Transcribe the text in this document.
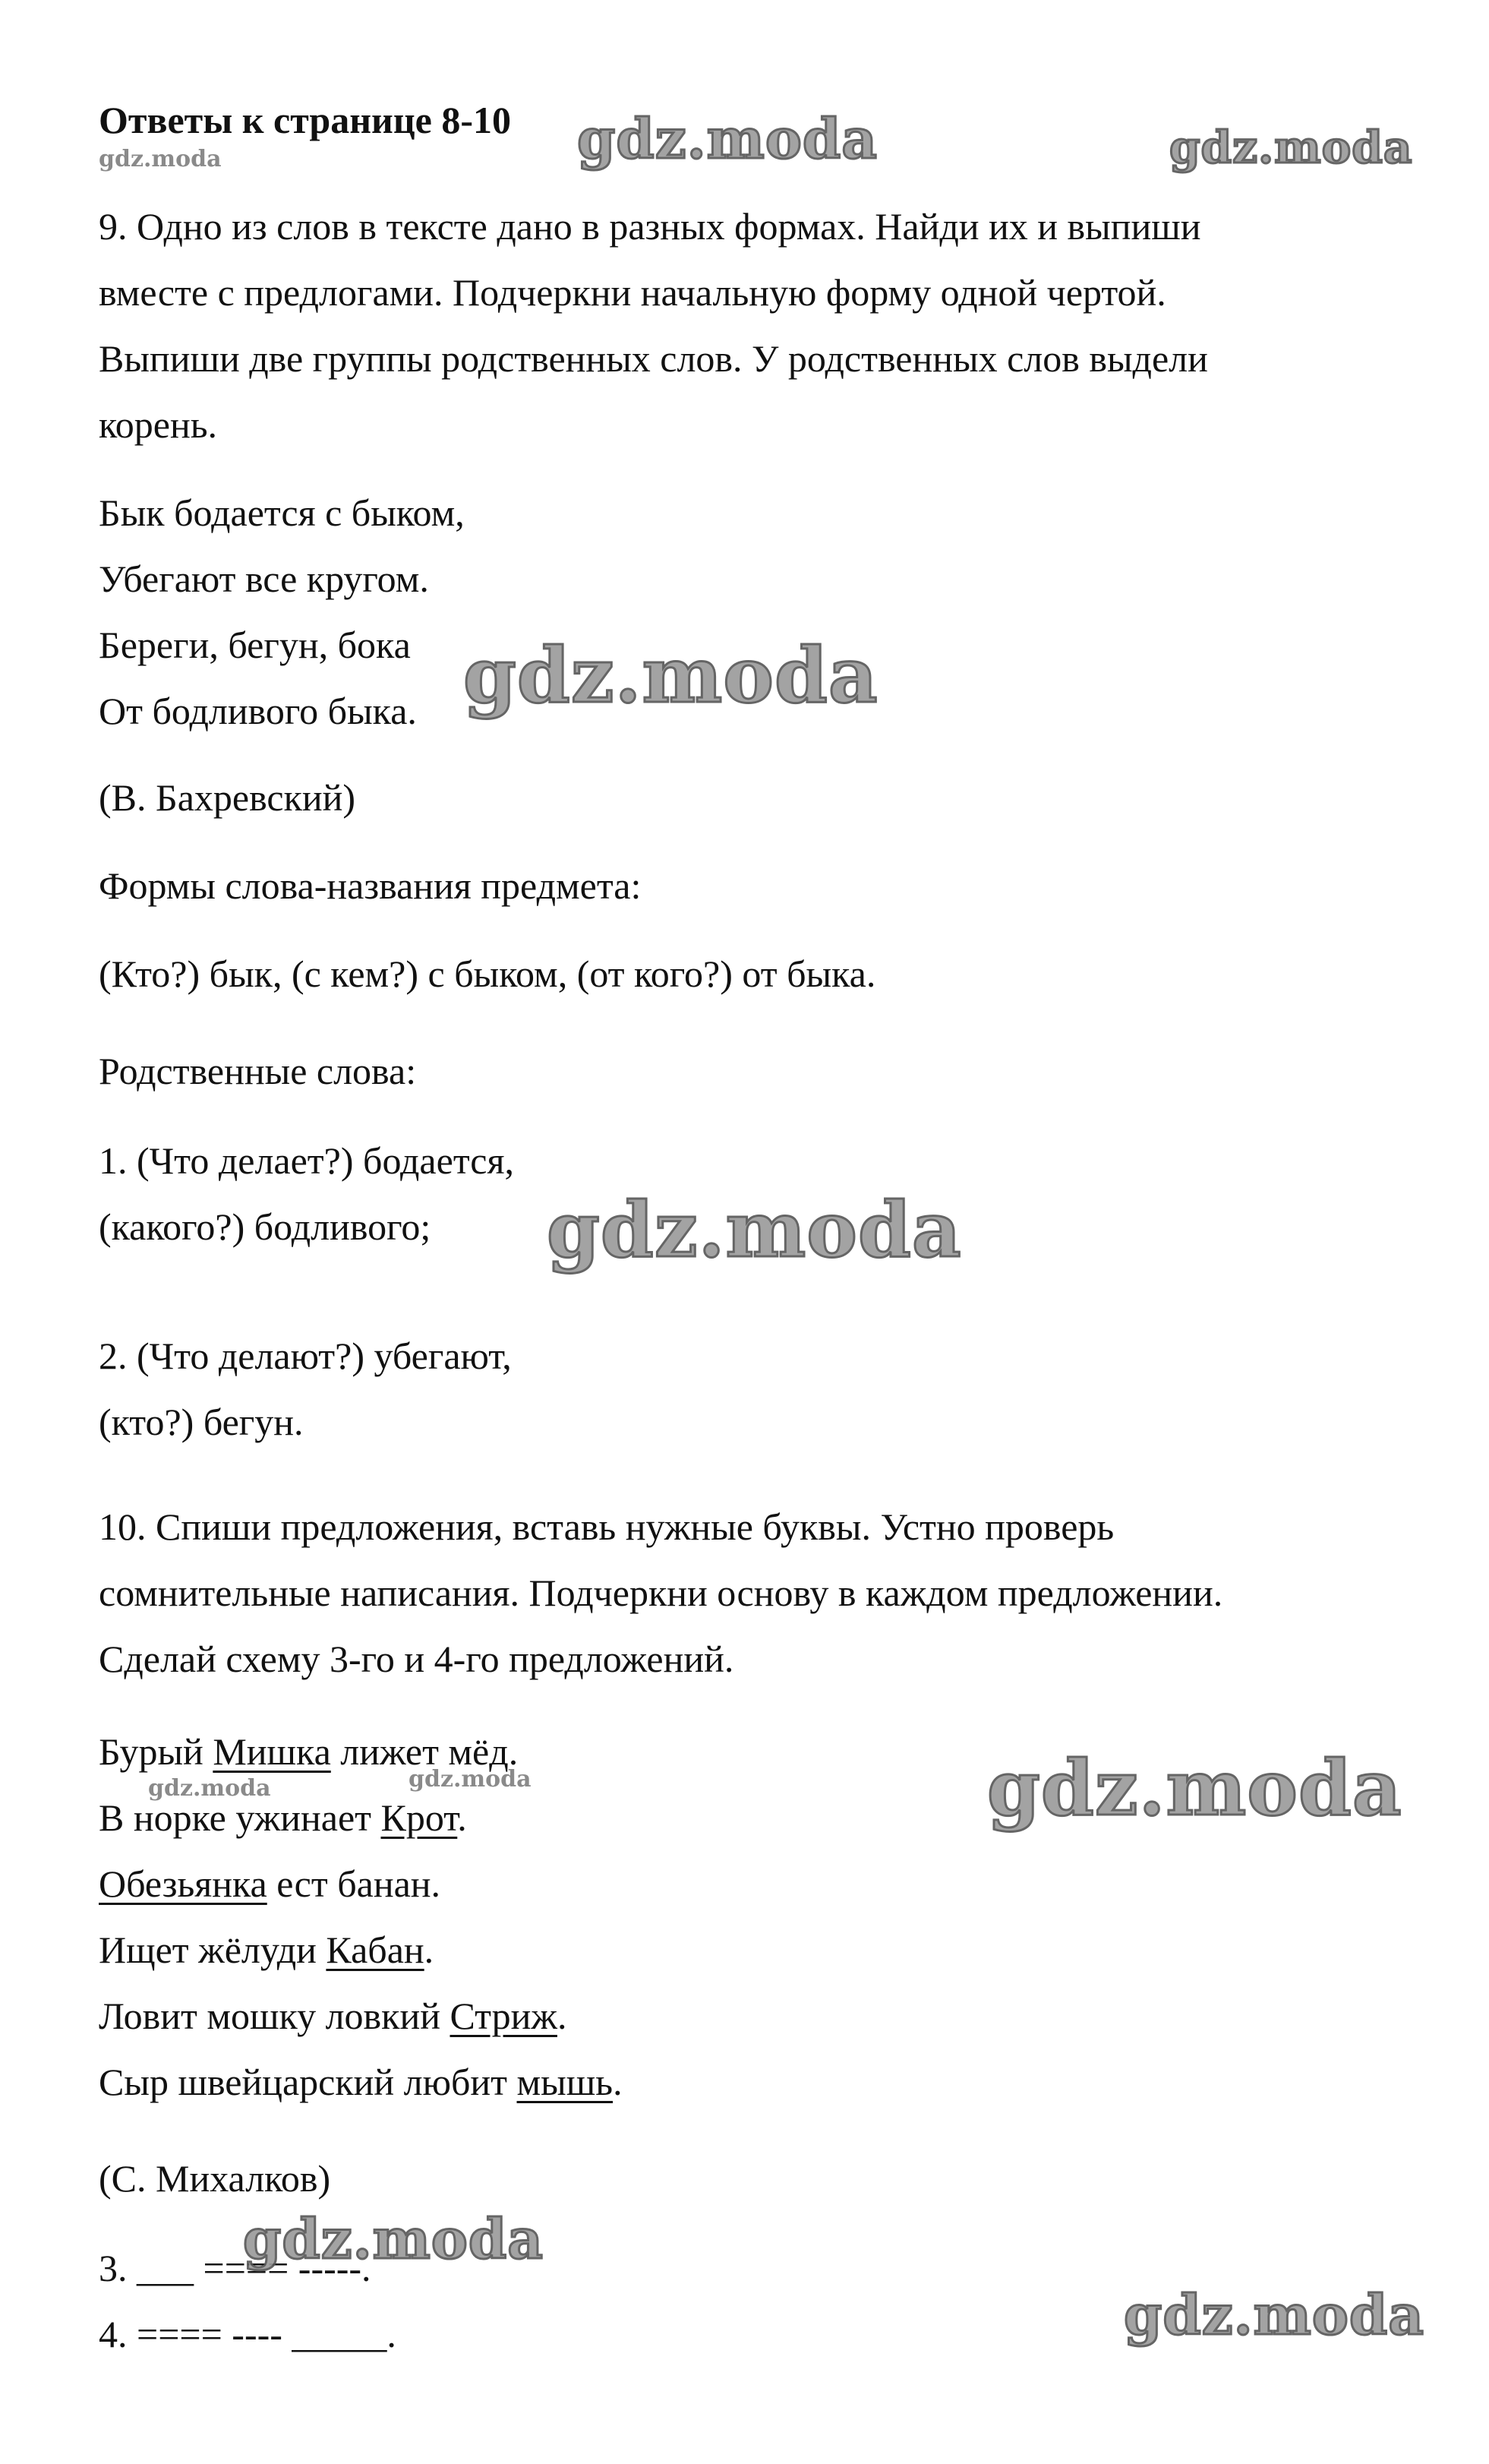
Ответы к странице 8-10
9. Одно из слов в тексте дано в разных формах. Найди их и выпиши
вместе с предлогами. Подчеркни начальную форму одной чертой.
Выпиши две группы родственных слов. У родственных слов выдели
корень.
Бык бодается с быком,
Убегают все кругом.
Береги, бегун, бока
От бодливого быка.
(В. Бахревский)
Формы слова-названия предмета:
(Кто?) бык, (с кем?) с быком, (от кого?) от быка.
Родственные слова:
1. (Что делает?) бодается,
(какого?) бодливого;
2. (Что делают?) убегают,
(кто?) бегун.
10. Спиши предложения, вставь нужные буквы. Устно проверь
сомнительные написания. Подчеркни основу в каждом предложении.
Сделай схему 3-го и 4-го предложений.
Бурый Мишка лижет мёд.
В норке ужинает Крот.
Обезьянка ест банан.
Ищет жёлуди Кабан.
Ловит мошку ловкий Стриж.
Сыр швейцарский любит мышь.
(С. Михалков)
3. ___ ==== -----.
4. ==== ---- _____.
gdz.moda	gdz.moda	gdz.moda
gdz.moda
gdz.moda
gdz.moda	gdz.moda	gdz.moda
gdz.moda
gdz.moda
